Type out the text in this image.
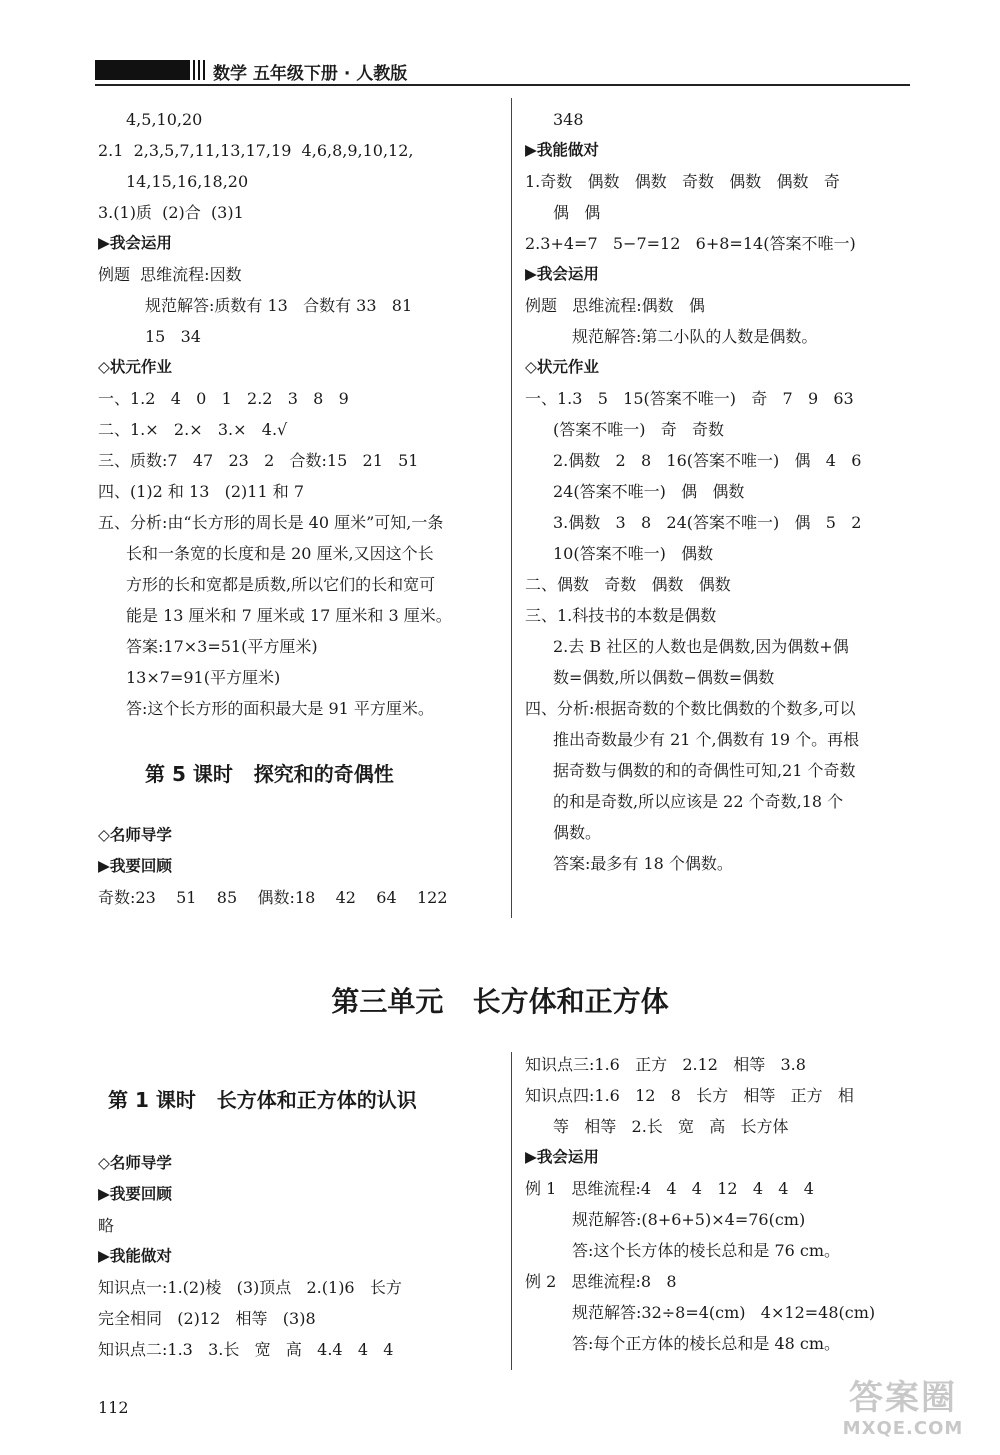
数学 五年级下册 · 人教版
4,5,10,20
2.1  2,3,5,7,11,13,17,19  4,6,8,9,10,12,
14,15,16,18,20
3.(1)质  (2)合  (3)1
▶我会运用
例题  思维流程:因数
规范解答:质数有 13   合数有 33   81
15   34
◇状元作业
一、1.2   4   0   1   2.2   3   8   9
二、1.×   2.×   3.×   4.√
三、质数:7   47   23   2   合数:15   21   51
四、(1)2 和 13   (2)11 和 7
五、分析:由“长方形的周长是 40 厘米”可知,一条
长和一条宽的长度和是 20 厘米,又因这个长
方形的长和宽都是质数,所以它们的长和宽可
能是 13 厘米和 7 厘米或 17 厘米和 3 厘米。
答案:17×3=51(平方厘米)
13×7=91(平方厘米)
答:这个长方形的面积最大是 91 平方厘米。
第 5 课时   探究和的奇偶性
◇名师导学
▶我要回顾
奇数:23    51    85    偶数:18    42    64    122
348
▶我能做对
1.奇数   偶数   偶数   奇数   偶数   偶数   奇
偶   偶
2.3+4=7   5−7=12   6+8=14(答案不唯一)
▶我会运用
例题   思维流程:偶数   偶
规范解答:第二小队的人数是偶数。
◇状元作业
一、1.3   5   15(答案不唯一)   奇   7   9   63
(答案不唯一)   奇   奇数
2.偶数   2   8   16(答案不唯一)   偶   4   6
24(答案不唯一)   偶   偶数
3.偶数   3   8   24(答案不唯一)   偶   5   2
10(答案不唯一)   偶数
二、偶数   奇数   偶数   偶数
三、1.科技书的本数是偶数
2.去 B 社区的人数也是偶数,因为偶数+偶
数=偶数,所以偶数−偶数=偶数
四、分析:根据奇数的个数比偶数的个数多,可以
推出奇数最少有 21 个,偶数有 19 个。再根
据奇数与偶数的和的奇偶性可知,21 个奇数
的和是奇数,所以应该是 22 个奇数,18 个
偶数。
答案:最多有 18 个偶数。
第三单元   长方体和正方体
第 1 课时   长方体和正方体的认识
◇名师导学
▶我要回顾
略
▶我能做对
知识点一:1.(2)棱   (3)顶点   2.(1)6   长方
完全相同   (2)12   相等   (3)8
知识点二:1.3   3.长   宽   高   4.4   4   4
知识点三:1.6   正方   2.12   相等   3.8
知识点四:1.6   12   8   长方   相等   正方   相
等   相等   2.长   宽   高   长方体
▶我会运用
例 1   思维流程:4   4   4   12   4   4   4
规范解答:(8+6+5)×4=76(cm)
答:这个长方体的棱长总和是 76 cm。
例 2   思维流程:8   8
规范解答:32÷8=4(cm)   4×12=48(cm)
答:每个正方体的棱长总和是 48 cm。
112	答案圈
MXQE.COM
